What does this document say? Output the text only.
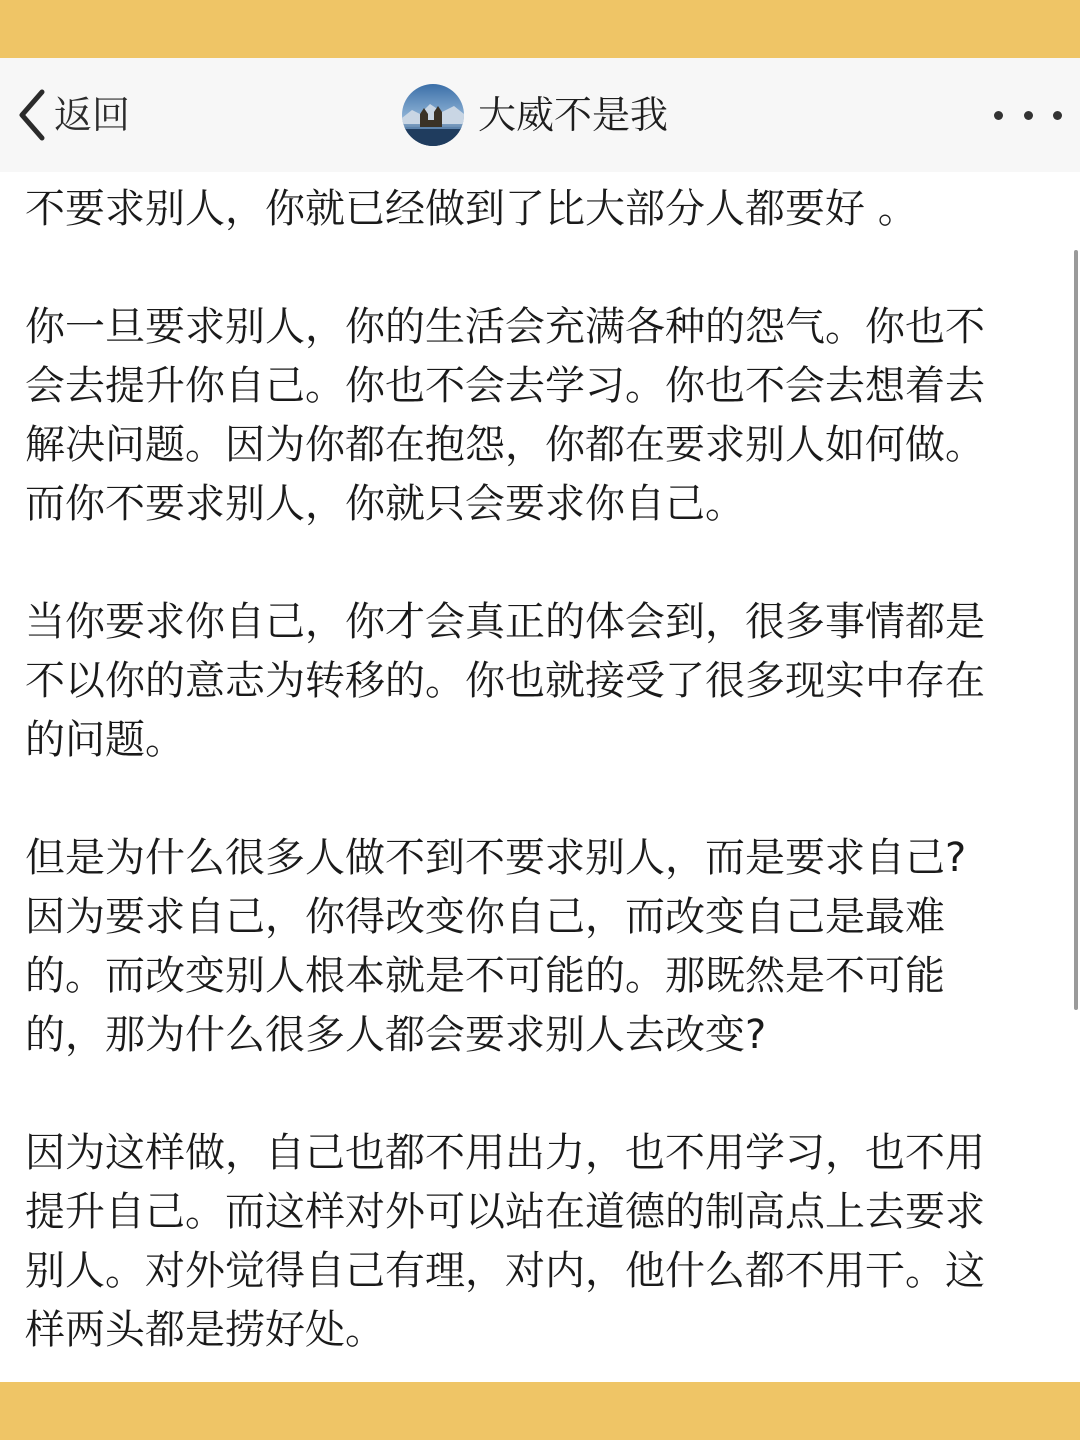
返回	大威不是我

不要求别人，你就已经做到了比大部分人都要好 。

你一旦要求别人，你的生活会充满各种的怨气。你也不
会去提升你自己。你也不会去学习。你也不会去想着去
解决问题。因为你都在抱怨，你都在要求别人如何做。
而你不要求别人，你就只会要求你自己。

当你要求你自己，你才会真正的体会到，很多事情都是
不以你的意志为转移的。你也就接受了很多现实中存在
的问题。

但是为什么很多人做不到不要求别人，而是要求自己?
因为要求自己，你得改变你自己，而改变自己是最难
的。而改变别人根本就是不可能的。那既然是不可能
的，那为什么很多人都会要求别人去改变?

因为这样做，自己也都不用出力，也不用学习，也不用
提升自己。而这样对外可以站在道德的制高点上去要求
别人。对外觉得自己有理，对内，他什么都不用干。这
样两头都是捞好处。
